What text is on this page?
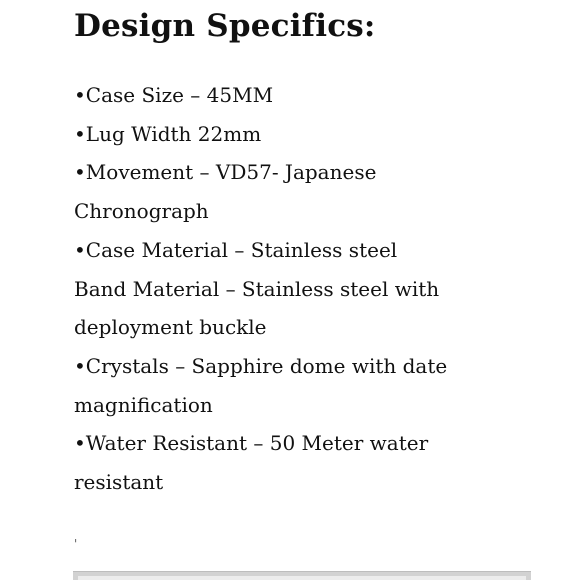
Design Specifics:
•Case Size – 45MM
•Lug Width 22mm
•Movement – VD57- Japanese
Chronograph
•Case Material – Stainless steel
Band Material – Stainless steel with
deployment buckle
•Crystals – Sapphire dome with date
magnification
•Water Resistant – 50 Meter water
resistant
'
